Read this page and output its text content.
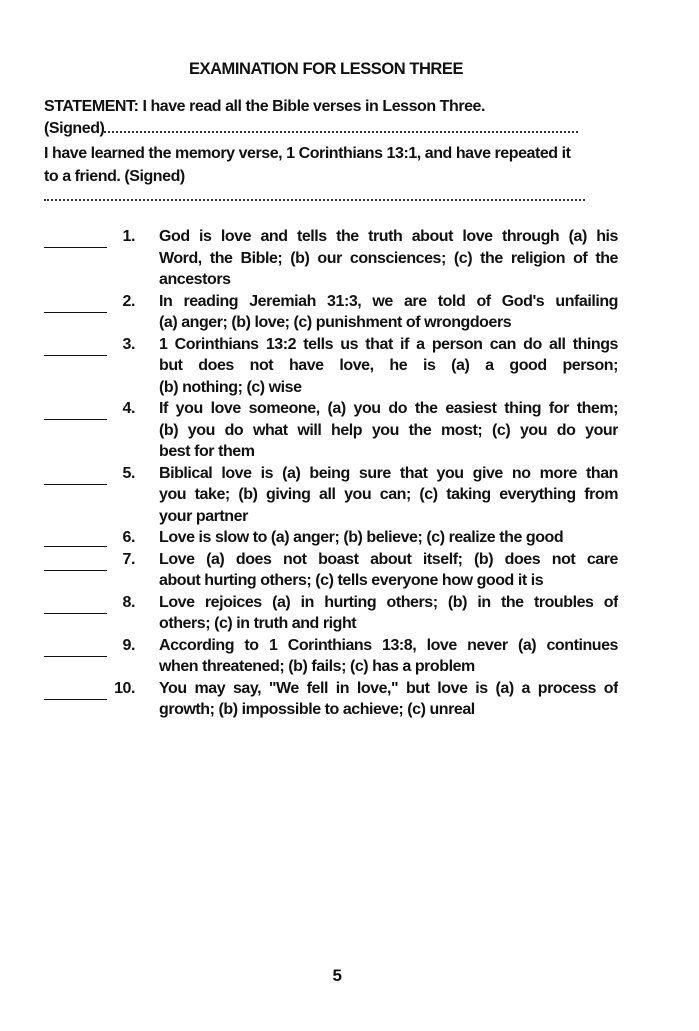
EXAMINATION FOR LESSON THREE
STATEMENT: I have read all the Bible verses in Lesson Three.
(Signed)
I have learned the memory verse, 1 Corinthians 13:1, and have repeated it
to a friend. (Signed)
1. God is love and tells the truth about love through (a) his
Word, the Bible; (b) our consciences; (c) the religion of the
ancestors
2. In reading Jeremiah 31:3, we are told of God's unfailing
(a) anger; (b) love; (c) punishment of wrongdoers
3. 1 Corinthians 13:2 tells us that if a person can do all things
but does not have love, he is (a) a good person;
(b) nothing; (c) wise
4. If you love someone, (a) you do the easiest thing for them;
(b) you do what will help you the most; (c) you do your
best for them
5. Biblical love is (a) being sure that you give no more than
you take; (b) giving all you can; (c) taking everything from
your partner
6. Love is slow to (a) anger; (b) believe; (c) realize the good
7. Love (a) does not boast about itself; (b) does not care
about hurting others; (c) tells everyone how good it is
8. Love rejoices (a) in hurting others; (b) in the troubles of
others; (c) in truth and right
9. According to 1 Corinthians 13:8, love never (a) continues
when threatened; (b) fails; (c) has a problem
10. You may say, "We fell in love," but love is (a) a process of
growth; (b) impossible to achieve; (c) unreal
5
